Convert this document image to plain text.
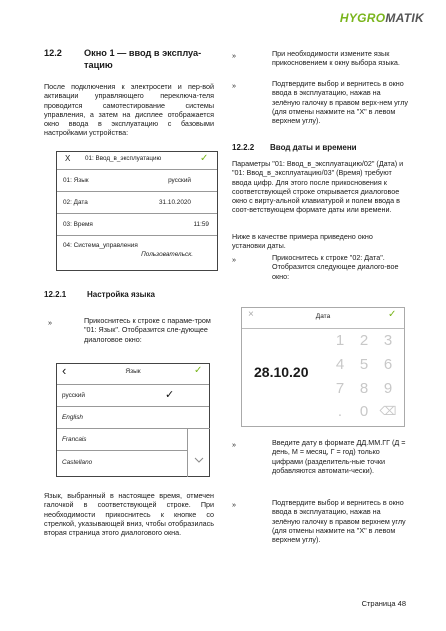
HYGROMATIK
12.2 Окно 1 — ввод в эксплуа-
тацию
После подключения к электросети и пер-вой активации управляющего переключа-теля проводится самотестирование системы управления, а затем на дисплее отображается окно ввода в эксплуатацию с базовыми настройками устройства:
X 01: Ввод_в_эксплуатацию	✓
01: Язык	русский
02: Дата	31.10.2020
03: Время	11:59
04: Система_управления
Пользовательск.
12.2.1	Настройка языка
»	Прикоснитесь к строке с параме-тром "01: Язык". Отобразится сле-дующее диалоговое окно:
‹	Язык	✓
русский	✓
English
Francais
Castellano
Язык, выбранный в настоящее время, отмечен галочкой в соответствующей строке. При необходимости прикоснитесь к кнопке со стрелкой, указывающей вниз, чтобы отобразилась вторая страница этого диалогового окна.
»	При необходимости измените язык прикосновением к окну выбора языка.
»	Подтвердите выбор и вернитесь в окно ввода в эксплуатацию, нажав на зелёную галочку в правом верх-нем углу (для отмены нажмите на "X" в левом верхнем углу).
12.2.2 Ввод даты и времени
Параметры "01: Ввод_в_эксплуатацию/02" (Дата) и "01: Ввод_в_эксплуатацию/03" (Время) требуют ввода цифр. Для этого после прикосновения к соответствующей строке открывается диалоговое окно с вирту-альной клавиатурой и полем ввода в соот-ветствующем формате даты или времени.
Ниже в качестве примера приведено окно установки даты.
»	Прикоснитесь к строке "02: Дата". Отобразится следующее диалого-вое окно:
×	Дата	✓
28.10.20
1	2	3
4	5	6
7	8	9
.	0 ⌫
»	Введите дату в формате ДД.ММ.ГГ (Д = день, М = месяц, Г = год) только цифрами (разделитель-ные точки добавляются автомати-чески).
»	Подтвердите выбор и вернитесь в окно ввода в эксплуатацию, нажав на зелёную галочку в правом верхнем углу (для отмены нажмите на "X" в левом верхнем углу).
Страница 48
